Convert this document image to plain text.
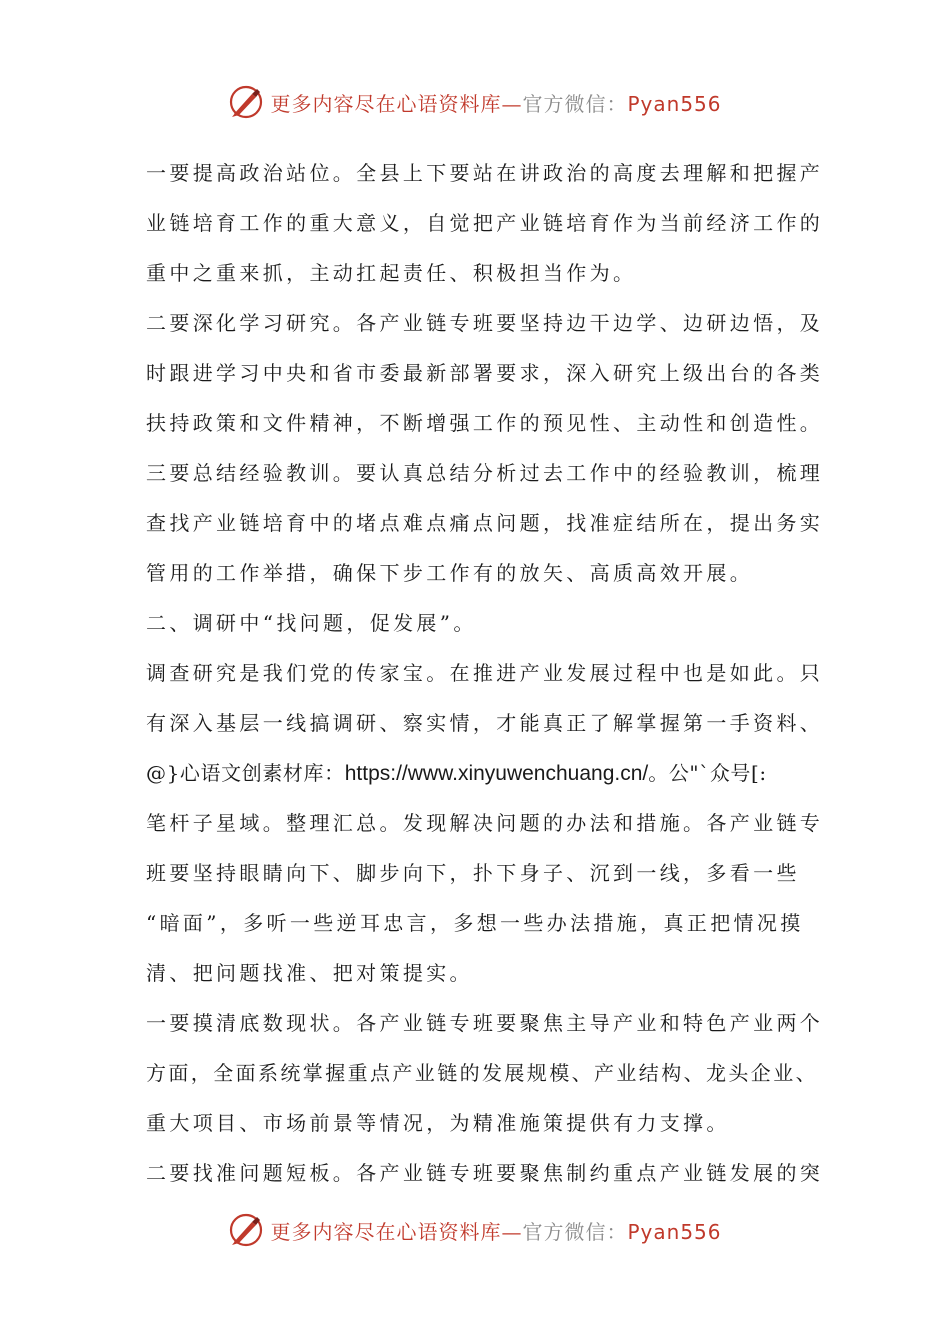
更多内容尽在心语资料库—官方微信：Pyan556
一要提高政治站位。全县上下要站在讲政治的高度去理解和把握产
业链培育工作的重大意义，自觉把产业链培育作为当前经济工作的
重中之重来抓，主动扛起责任、积极担当作为。
二要深化学习研究。各产业链专班要坚持边干边学、边研边悟，及
时跟进学习中央和省市委最新部署要求，深入研究上级出台的各类
扶持政策和文件精神，不断增强工作的预见性、主动性和创造性。
三要总结经验教训。要认真总结分析过去工作中的经验教训，梳理
查找产业链培育中的堵点难点痛点问题，找准症结所在，提出务实
管用的工作举措，确保下步工作有的放矢、高质高效开展。
二、调研中“找问题，促发展”。
调查研究是我们党的传家宝。在推进产业发展过程中也是如此。只
有深入基层一线搞调研、察实情，才能真正了解掌握第一手资料、
@}心语文创素材库：https://www.xinyuwenchuang.cn/。公"`众号[:
笔杆子星域。整理汇总。发现解决问题的办法和措施。各产业链专
班要坚持眼睛向下、脚步向下，扑下身子、沉到一线，多看一些
“暗面”，多听一些逆耳忠言，多想一些办法措施，真正把情况摸
清、把问题找准、把对策提实。
一要摸清底数现状。各产业链专班要聚焦主导产业和特色产业两个
方面，全面系统掌握重点产业链的发展规模、产业结构、龙头企业、
重大项目、市场前景等情况，为精准施策提供有力支撑。
二要找准问题短板。各产业链专班要聚焦制约重点产业链发展的突
更多内容尽在心语资料库—官方微信：Pyan556
